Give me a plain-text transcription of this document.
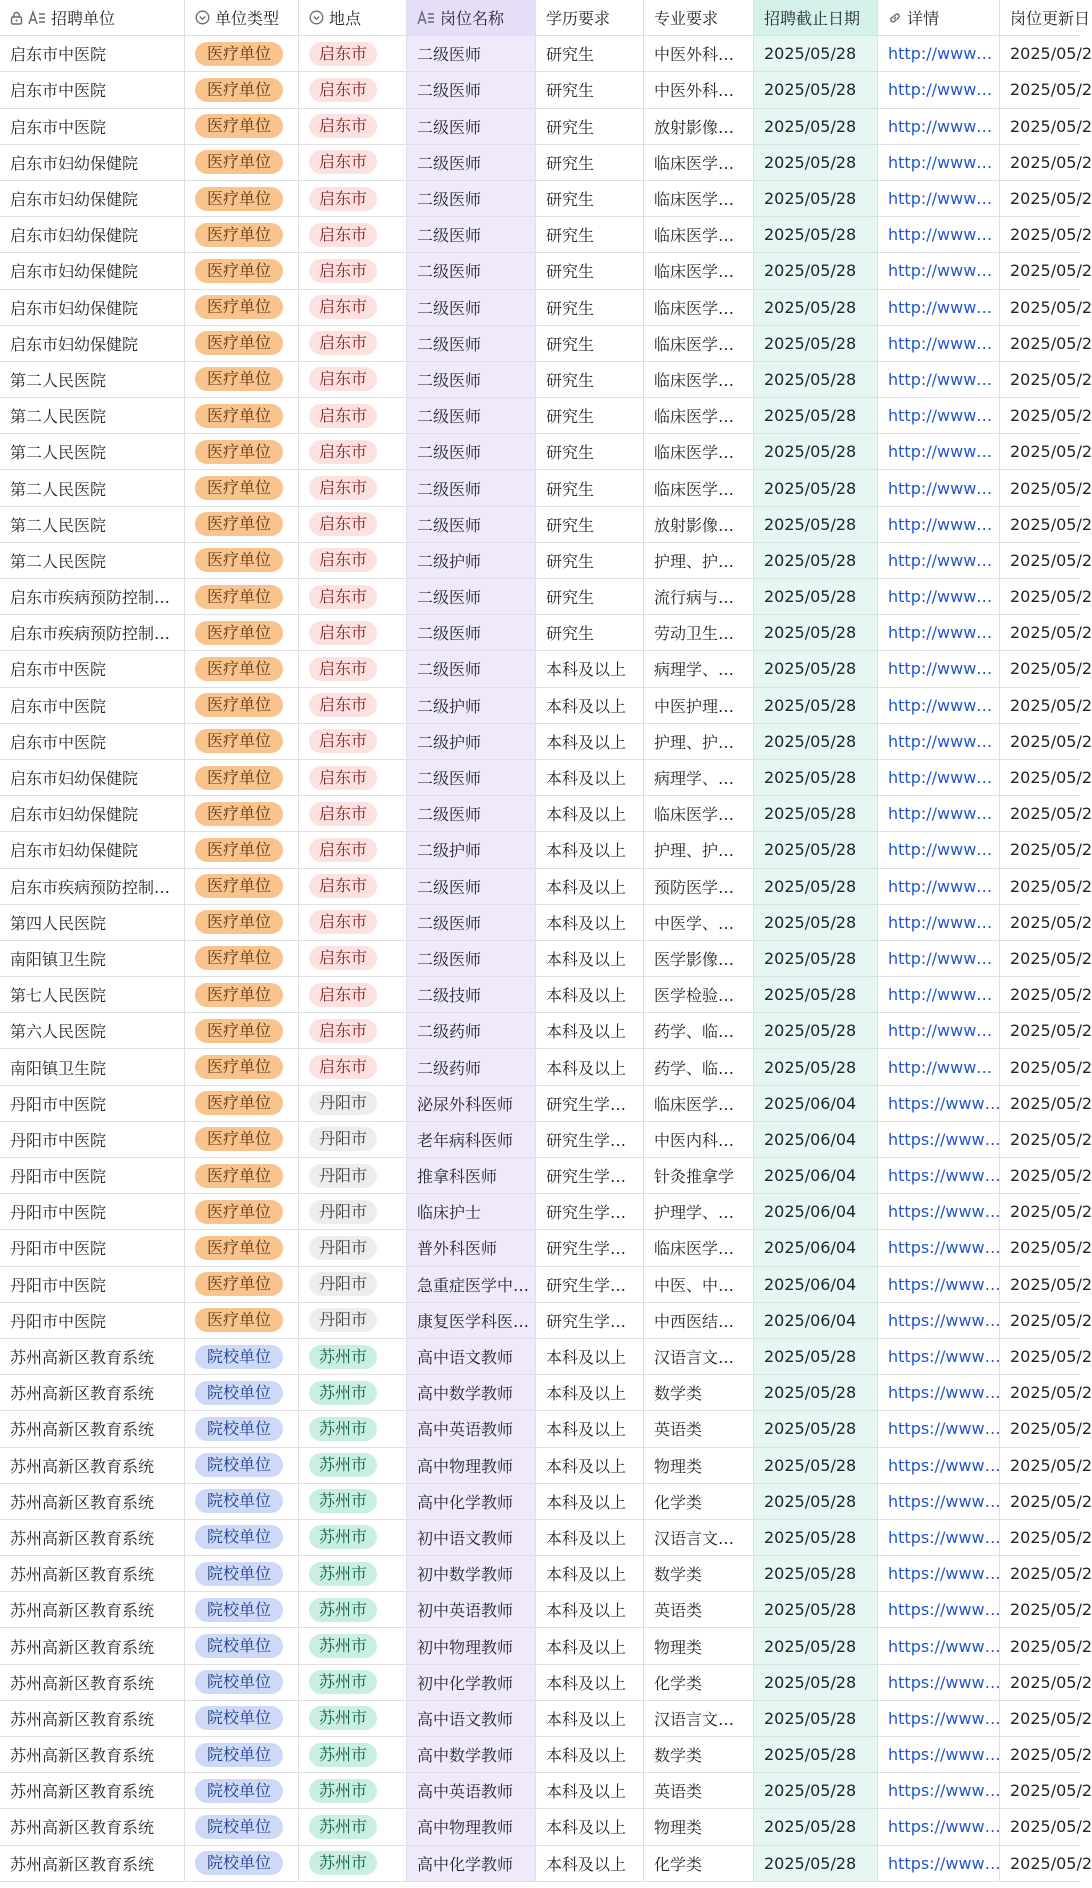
招聘单位	单位类型	地点	岗位名称	学历要求	专业要求	招聘截止日期	详情	岗位更新日
启东市中医院	医疗单位	启东市	二级医师	研究生	中医外科…	2025/05/28 http://www…	2025/05/2
启东市中医院	医疗单位	启东市	二级医师	研究生	中医外科…	2025/05/28 http://www…	2025/05/2
启东市中医院	医疗单位	启东市	二级医师	研究生	放射影像…	2025/05/28 http://www…	2025/05/2
启东市妇幼保健院	医疗单位	启东市	二级医师	研究生	临床医学…	2025/05/28 http://www…	2025/05/2
启东市妇幼保健院	医疗单位	启东市	二级医师	研究生	临床医学…	2025/05/28 http://www…	2025/05/2
启东市妇幼保健院	医疗单位	启东市	二级医师	研究生	临床医学…	2025/05/28 http://www…	2025/05/2
启东市妇幼保健院	医疗单位	启东市	二级医师	研究生	临床医学…	2025/05/28 http://www…	2025/05/2
启东市妇幼保健院	医疗单位	启东市	二级医师	研究生	临床医学…	2025/05/28 http://www…	2025/05/2
启东市妇幼保健院	医疗单位	启东市	二级医师	研究生	临床医学…	2025/05/28 http://www…	2025/05/2
第二人民医院	医疗单位	启东市	二级医师	研究生	临床医学…	2025/05/28 http://www…	2025/05/2
第二人民医院	医疗单位	启东市	二级医师	研究生	临床医学…	2025/05/28 http://www…	2025/05/2
第二人民医院	医疗单位	启东市	二级医师	研究生	临床医学…	2025/05/28 http://www…	2025/05/2
第二人民医院	医疗单位	启东市	二级医师	研究生	临床医学…	2025/05/28 http://www…	2025/05/2
第二人民医院	医疗单位	启东市	二级医师	研究生	放射影像…	2025/05/28 http://www…	2025/05/2
第二人民医院	医疗单位	启东市	二级护师	研究生	护理、护…	2025/05/28 http://www…	2025/05/2
启东市疾病预防控制…	医疗单位	启东市	二级医师	研究生	流行病与…	2025/05/28 http://www…	2025/05/2
启东市疾病预防控制…	医疗单位	启东市	二级医师	研究生	劳动卫生…	2025/05/28 http://www…	2025/05/2
启东市中医院	医疗单位	启东市	二级医师	本科及以上	病理学、…	2025/05/28 http://www…	2025/05/2
启东市中医院	医疗单位	启东市	二级护师	本科及以上	中医护理…	2025/05/28 http://www…	2025/05/2
启东市中医院	医疗单位	启东市	二级护师	本科及以上	护理、护…	2025/05/28 http://www…	2025/05/2
启东市妇幼保健院	医疗单位	启东市	二级医师	本科及以上	病理学、…	2025/05/28 http://www…	2025/05/2
启东市妇幼保健院	医疗单位	启东市	二级医师	本科及以上	临床医学…	2025/05/28 http://www…	2025/05/2
启东市妇幼保健院	医疗单位	启东市	二级护师	本科及以上	护理、护…	2025/05/28 http://www…	2025/05/2
启东市疾病预防控制…	医疗单位	启东市	二级医师	本科及以上	预防医学…	2025/05/28 http://www…	2025/05/2
第四人民医院	医疗单位	启东市	二级医师	本科及以上	中医学、…	2025/05/28 http://www…	2025/05/2
南阳镇卫生院	医疗单位	启东市	二级医师	本科及以上	医学影像…	2025/05/28 http://www…	2025/05/2
第七人民医院	医疗单位	启东市	二级技师	本科及以上	医学检验…	2025/05/28 http://www…	2025/05/2
第六人民医院	医疗单位	启东市	二级药师	本科及以上	药学、临…	2025/05/28 http://www…	2025/05/2
南阳镇卫生院	医疗单位	启东市	二级药师	本科及以上	药学、临…	2025/05/28 http://www…	2025/05/2
丹阳市中医院	医疗单位	丹阳市	泌尿外科医师	研究生学…	临床医学…	2025/06/04 https://www… 2025/05/2
丹阳市中医院	医疗单位	丹阳市	老年病科医师	研究生学…	中医内科…	2025/06/04 https://www… 2025/05/2
丹阳市中医院	医疗单位	丹阳市	推拿科医师	研究生学…	针灸推拿学	2025/06/04 https://www… 2025/05/2
丹阳市中医院	医疗单位	丹阳市	临床护士	研究生学…	护理学、…	2025/06/04 https://www… 2025/05/2
丹阳市中医院	医疗单位	丹阳市	普外科医师	研究生学…	临床医学…	2025/06/04 https://www… 2025/05/2
丹阳市中医院	医疗单位	丹阳市	急重症医学中…	研究生学…	中医、中…	2025/06/04 https://www… 2025/05/2
丹阳市中医院	医疗单位	丹阳市	康复医学科医…	研究生学…	中西医结…	2025/06/04 https://www… 2025/05/2
苏州高新区教育系统	院校单位	苏州市	高中语文教师	本科及以上	汉语言文…	2025/05/28 https://www… 2025/05/2
苏州高新区教育系统	院校单位	苏州市	高中数学教师	本科及以上	数学类	2025/05/28 https://www… 2025/05/2
苏州高新区教育系统	院校单位	苏州市	高中英语教师	本科及以上	英语类	2025/05/28 https://www… 2025/05/2
苏州高新区教育系统	院校单位	苏州市	高中物理教师	本科及以上	物理类	2025/05/28 https://www… 2025/05/2
苏州高新区教育系统	院校单位	苏州市	高中化学教师	本科及以上	化学类	2025/05/28 https://www… 2025/05/2
苏州高新区教育系统	院校单位	苏州市	初中语文教师	本科及以上	汉语言文…	2025/05/28 https://www… 2025/05/2
苏州高新区教育系统	院校单位	苏州市	初中数学教师	本科及以上	数学类	2025/05/28 https://www… 2025/05/2
苏州高新区教育系统	院校单位	苏州市	初中英语教师	本科及以上	英语类	2025/05/28 https://www… 2025/05/2
苏州高新区教育系统	院校单位	苏州市	初中物理教师	本科及以上	物理类	2025/05/28 https://www… 2025/05/2
苏州高新区教育系统	院校单位	苏州市	初中化学教师	本科及以上	化学类	2025/05/28 https://www… 2025/05/2
苏州高新区教育系统	院校单位	苏州市	高中语文教师	本科及以上	汉语言文…	2025/05/28 https://www… 2025/05/2
苏州高新区教育系统	院校单位	苏州市	高中数学教师	本科及以上	数学类	2025/05/28 https://www… 2025/05/2
苏州高新区教育系统	院校单位	苏州市	高中英语教师	本科及以上	英语类	2025/05/28 https://www… 2025/05/2
苏州高新区教育系统	院校单位	苏州市	高中物理教师	本科及以上	物理类	2025/05/28 https://www… 2025/05/2
苏州高新区教育系统	院校单位	苏州市	高中化学教师	本科及以上	化学类	2025/05/28 https://www… 2025/05/2
